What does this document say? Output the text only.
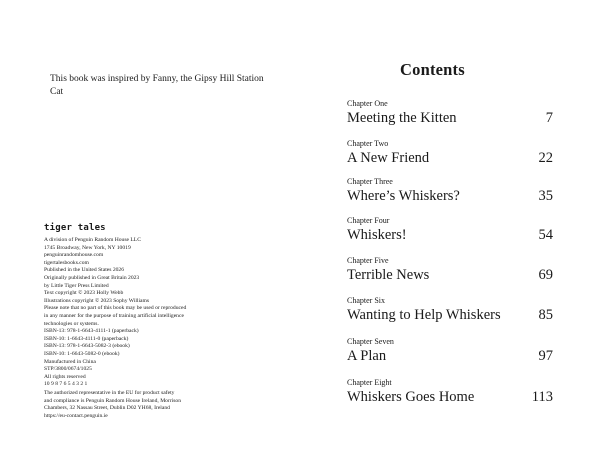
This book was inspired by Fanny, the Gipsy Hill Station Cat
tiger tales
A division of Penguin Random House LLC
1745 Broadway, New York, NY 10019
penguinrandomhouse.com
tigertalesbooks.com
Published in the United States 2026
Originally published in Great Britain 2023
by Little Tiger Press Limited
Text copyright © 2023 Holly Webb
Illustrations copyright © 2023 Sophy Williams
Please note that no part of this book may be used or reproduced
in any manner for the purpose of training artificial intelligence
technologies or systems.
ISBN-13: 978-1-6643-4111-1 (paperback)
ISBN-10: 1-6643-4111-0 (paperback)
ISBN-13: 978-1-6643-5082-3 (ebook)
ISBN-10: 1-6643-5082-0 (ebook)
Manufactured in China
STP/3800/0674/1025
All rights reserved
10 9 8 7 6 5 4 3 2 1
The authorized representative in the EU for product safety
and compliance is Penguin Random House Ireland, Morrison
Chambers, 32 Nassau Street, Dublin D02 YH68, Ireland
https://eu-contact.penguin.ie
Contents
Chapter One
Meeting the Kitten	7
Chapter Two
A New Friend	22
Chapter Three
Where’s Whiskers?	35
Chapter Four
Whiskers!	54
Chapter Five
Terrible News	69
Chapter Six
Wanting to Help Whiskers	85
Chapter Seven
A Plan	97
Chapter Eight
Whiskers Goes Home	113
